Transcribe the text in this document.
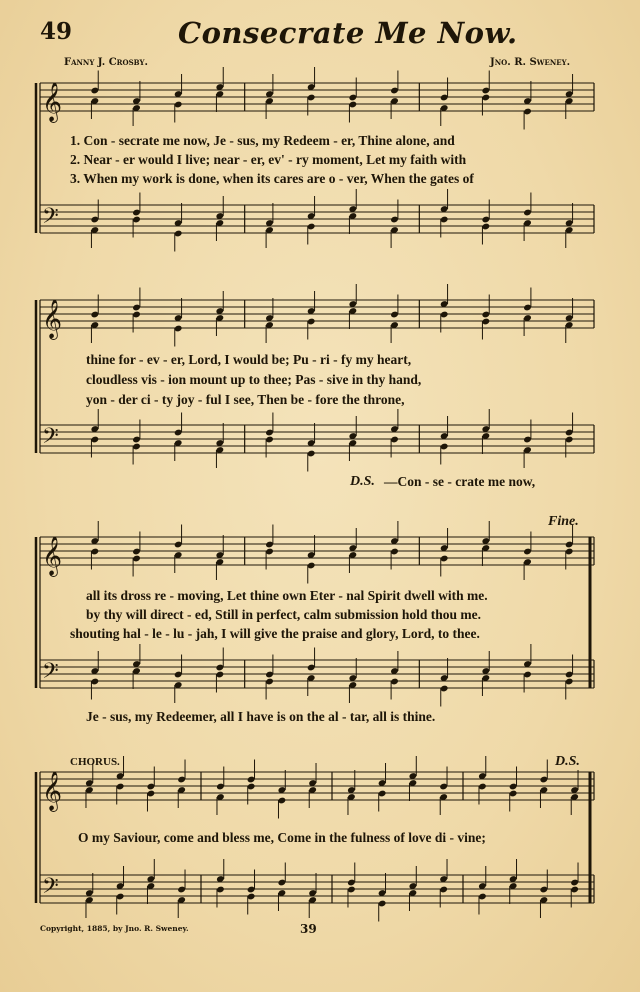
𝄞
𝄢
𝄞
𝄢
𝄞
𝄢
𝄞
𝄢
49	Consecrate Me Now.
Fanny J. Crosby.	Jno. R. Sweney.
1. Con - secrate me now, Je - sus, my Redeem - er, Thine alone, and
2. Near - er would I live; near - er, ev' - ry moment, Let my faith with
3. When my work is done, when its cares are o - ver, When the gates of
thine for - ev - er, Lord, I would be; Pu - ri - fy my heart,
cloudless vis - ion mount up to thee; Pas - sive in thy hand,
yon - der ci - ty joy - ful I see, Then be - fore the throne,
D.S. —Con - se - crate me now,
Fine.
all its dross re - moving, Let thine own Eter - nal Spirit dwell with me.
by thy will direct - ed, Still in perfect, calm submission hold thou me.
shouting hal - le - lu - jah, I will give the praise and glory, Lord, to thee.
Je - sus, my Redeemer, all I have is on the al - tar, all is thine.
CHORUS.	D.S.
O my Saviour, come and bless me, Come in the fulness of love di - vine;
Copyright, 1885, by Jno. R. Sweney.	39
